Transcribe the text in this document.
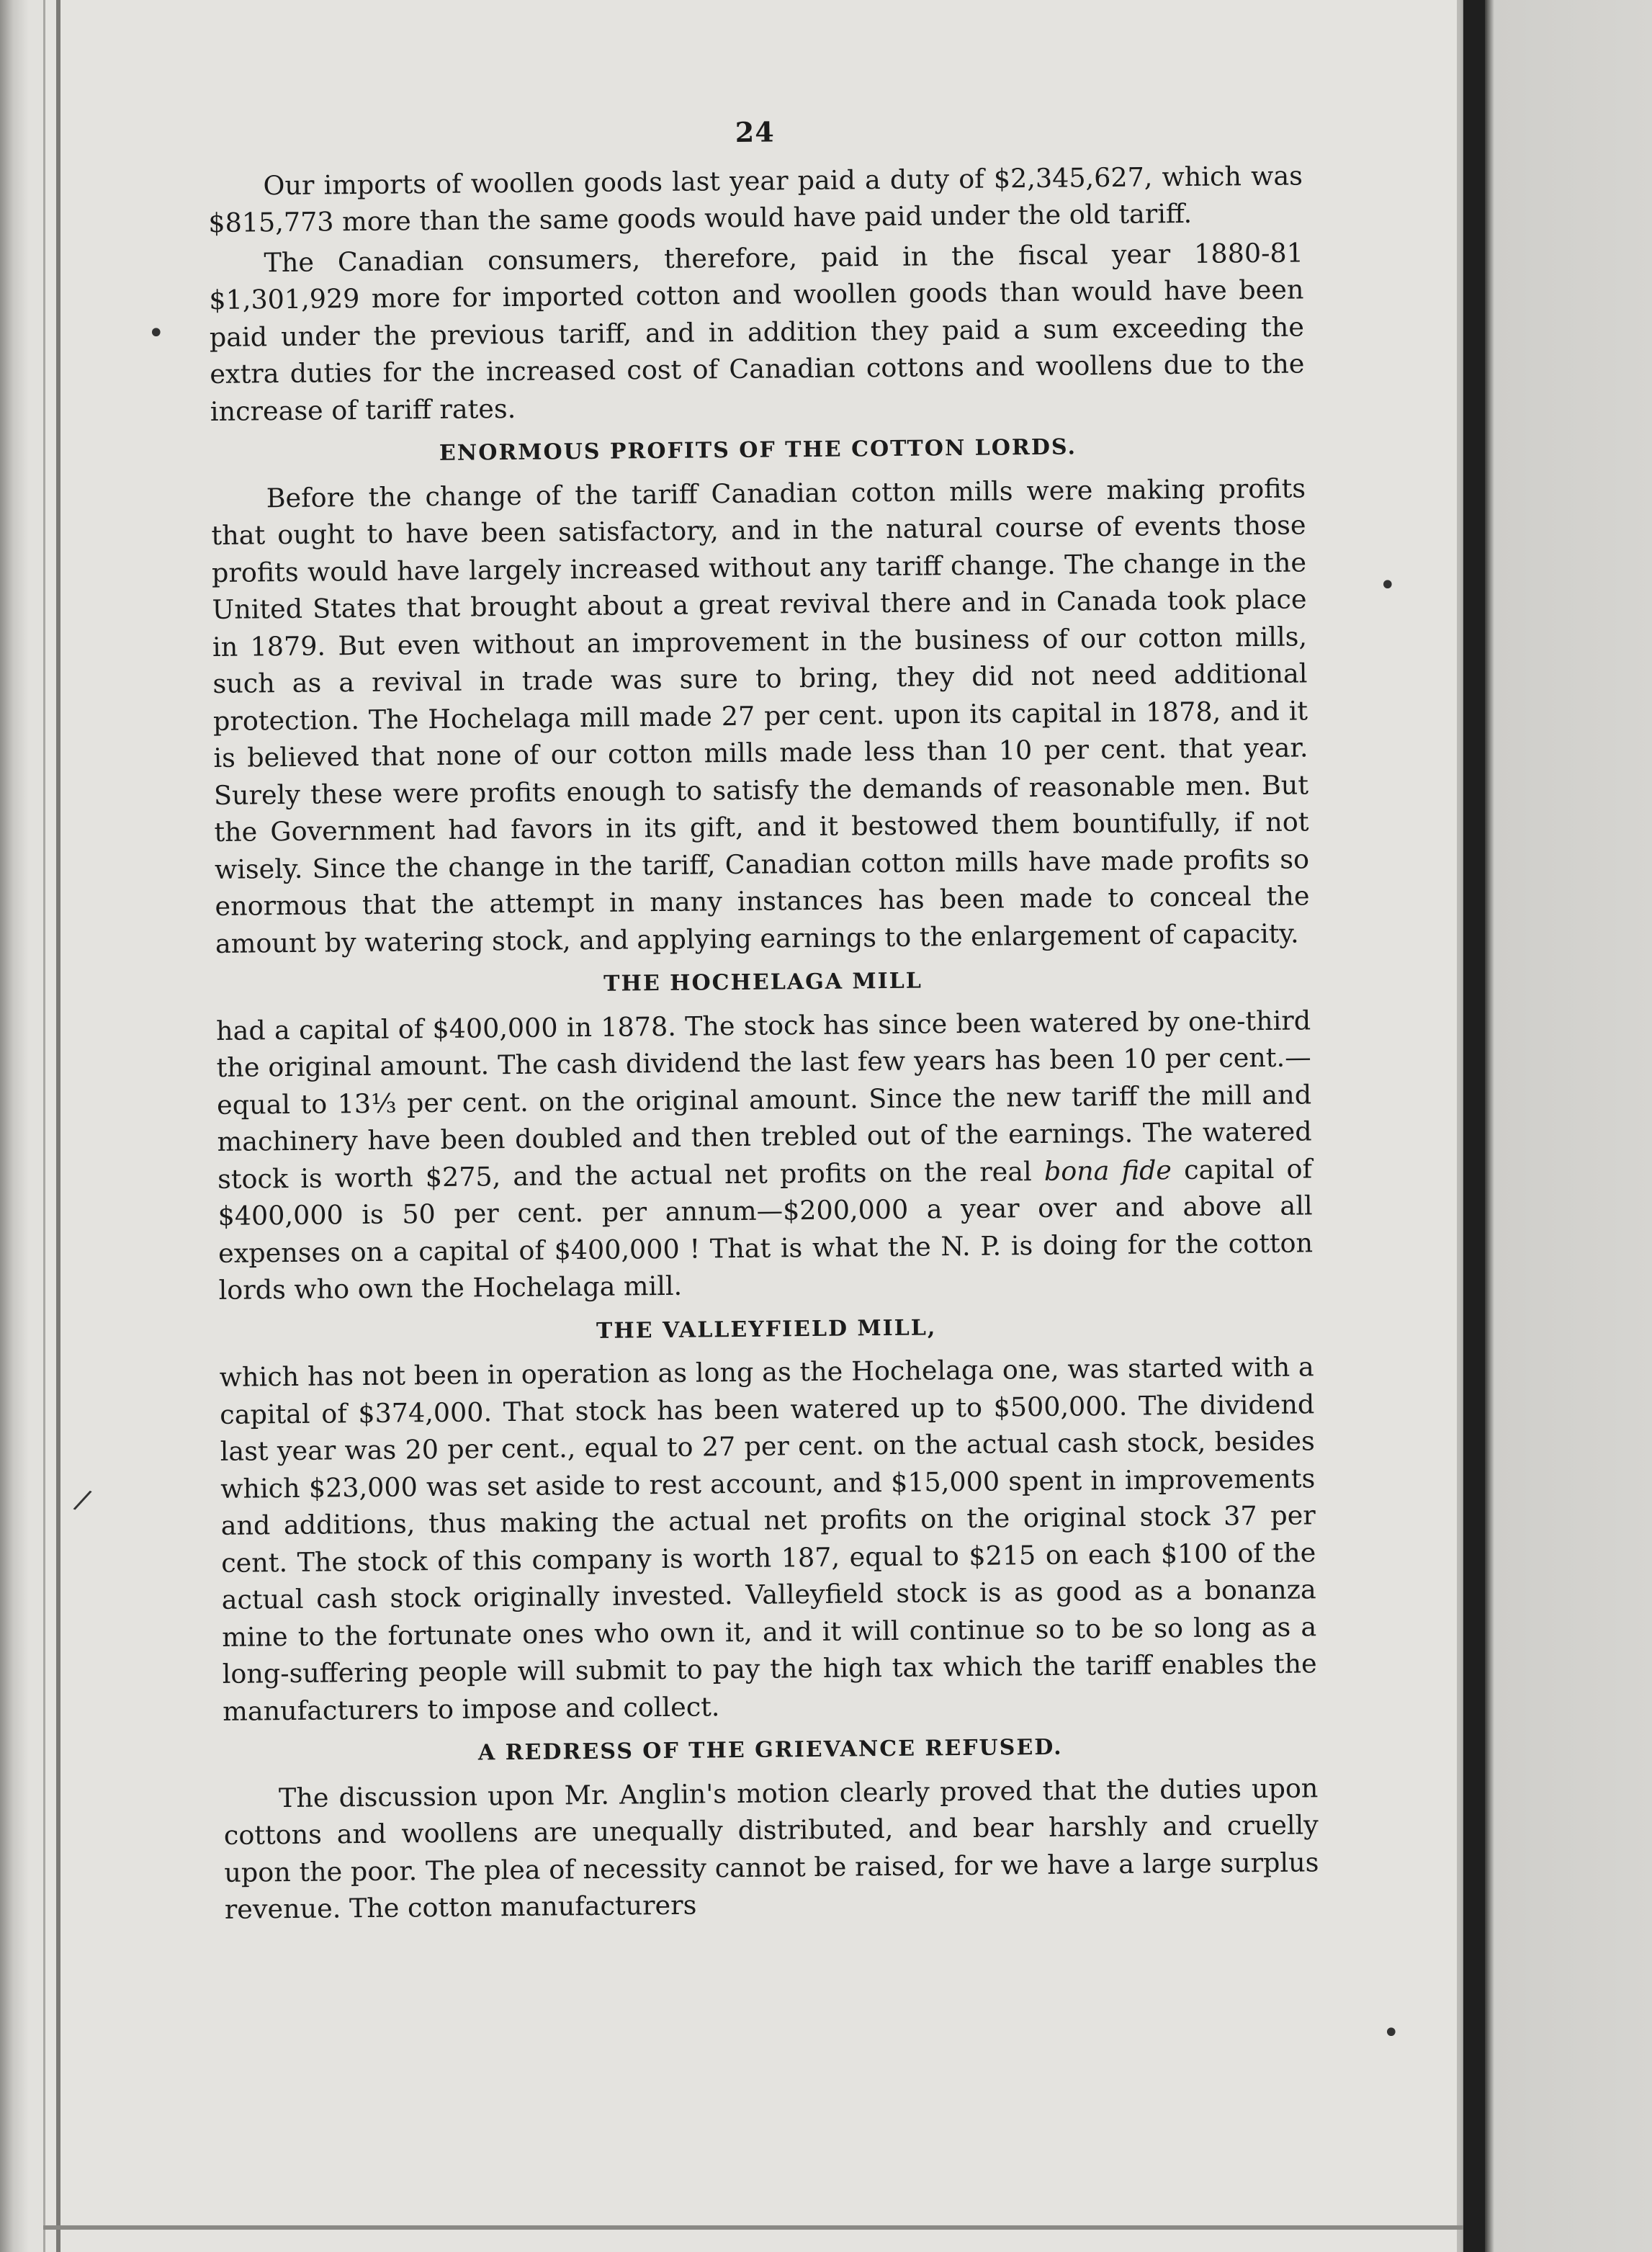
24

Our imports of woollen goods last year paid a duty of $2,345,627, which was $815,773 more than the same goods would have paid under the old tariff.

The Canadian consumers, therefore, paid in the fiscal year 1880-81 $1,301,929 more for imported cotton and woollen goods than would have been paid under the previous tariff, and in addition they paid a sum exceeding the extra duties for the increased cost of Canadian cottons and woollens due to the increase of tariff rates.

ENORMOUS PROFITS OF THE COTTON LORDS.

Before the change of the tariff Canadian cotton mills were making profits that ought to have been satisfactory, and in the natural course of events those profits would have largely increased without any tariff change. The change in the United States that brought about a great revival there and in Canada took place in 1879. But even without an improvement in the business of our cotton mills, such as a revival in trade was sure to bring, they did not need additional protection. The Hochelaga mill made 27 per cent. upon its capital in 1878, and it is believed that none of our cotton mills made less than 10 per cent. that year. Surely these were profits enough to satisfy the demands of reasonable men. But the Government had favors in its gift, and it bestowed them bountifully, if not wisely. Since the change in the tariff, Canadian cotton mills have made profits so enormous that the attempt in many instances has been made to conceal the amount by watering stock, and applying earnings to the enlargement of capacity.

THE HOCHELAGA MILL

had a capital of $400,000 in 1878. The stock has since been watered by one-third the original amount. The cash dividend the last few years has been 10 per cent.—equal to 13⅓ per cent. on the original amount. Since the new tariff the mill and machinery have been doubled and then trebled out of the earnings. The watered stock is worth $275, and the actual net profits on the real bona fide capital of $400,000 is 50 per cent. per annum—$200,000 a year over and above all expenses on a capital of $400,000 ! That is what the N. P. is doing for the cotton lords who own the Hochelaga mill.

THE VALLEYFIELD MILL,

which has not been in operation as long as the Hochelaga one, was started with a capital of $374,000. That stock has been watered up to $500,000. The dividend last year was 20 per cent., equal to 27 per cent. on the actual cash stock, besides which $23,000 was set aside to rest account, and $15,000 spent in improvements and additions, thus making the actual net profits on the original stock 37 per cent. The stock of this company is worth 187, equal to $215 on each $100 of the actual cash stock originally invested. Valleyfield stock is as good as a bonanza mine to the fortunate ones who own it, and it will continue so to be so long as a long-suffering people will submit to pay the high tax which the tariff enables the manufacturers to impose and collect.

A REDRESS OF THE GRIEVANCE REFUSED.

The discussion upon Mr. Anglin's motion clearly proved that the duties upon cottons and woollens are unequally distributed, and bear harshly and cruelly upon the poor. The plea of necessity cannot be raised, for we have a large surplus revenue. The cotton manufacturers

•
•
/
•
